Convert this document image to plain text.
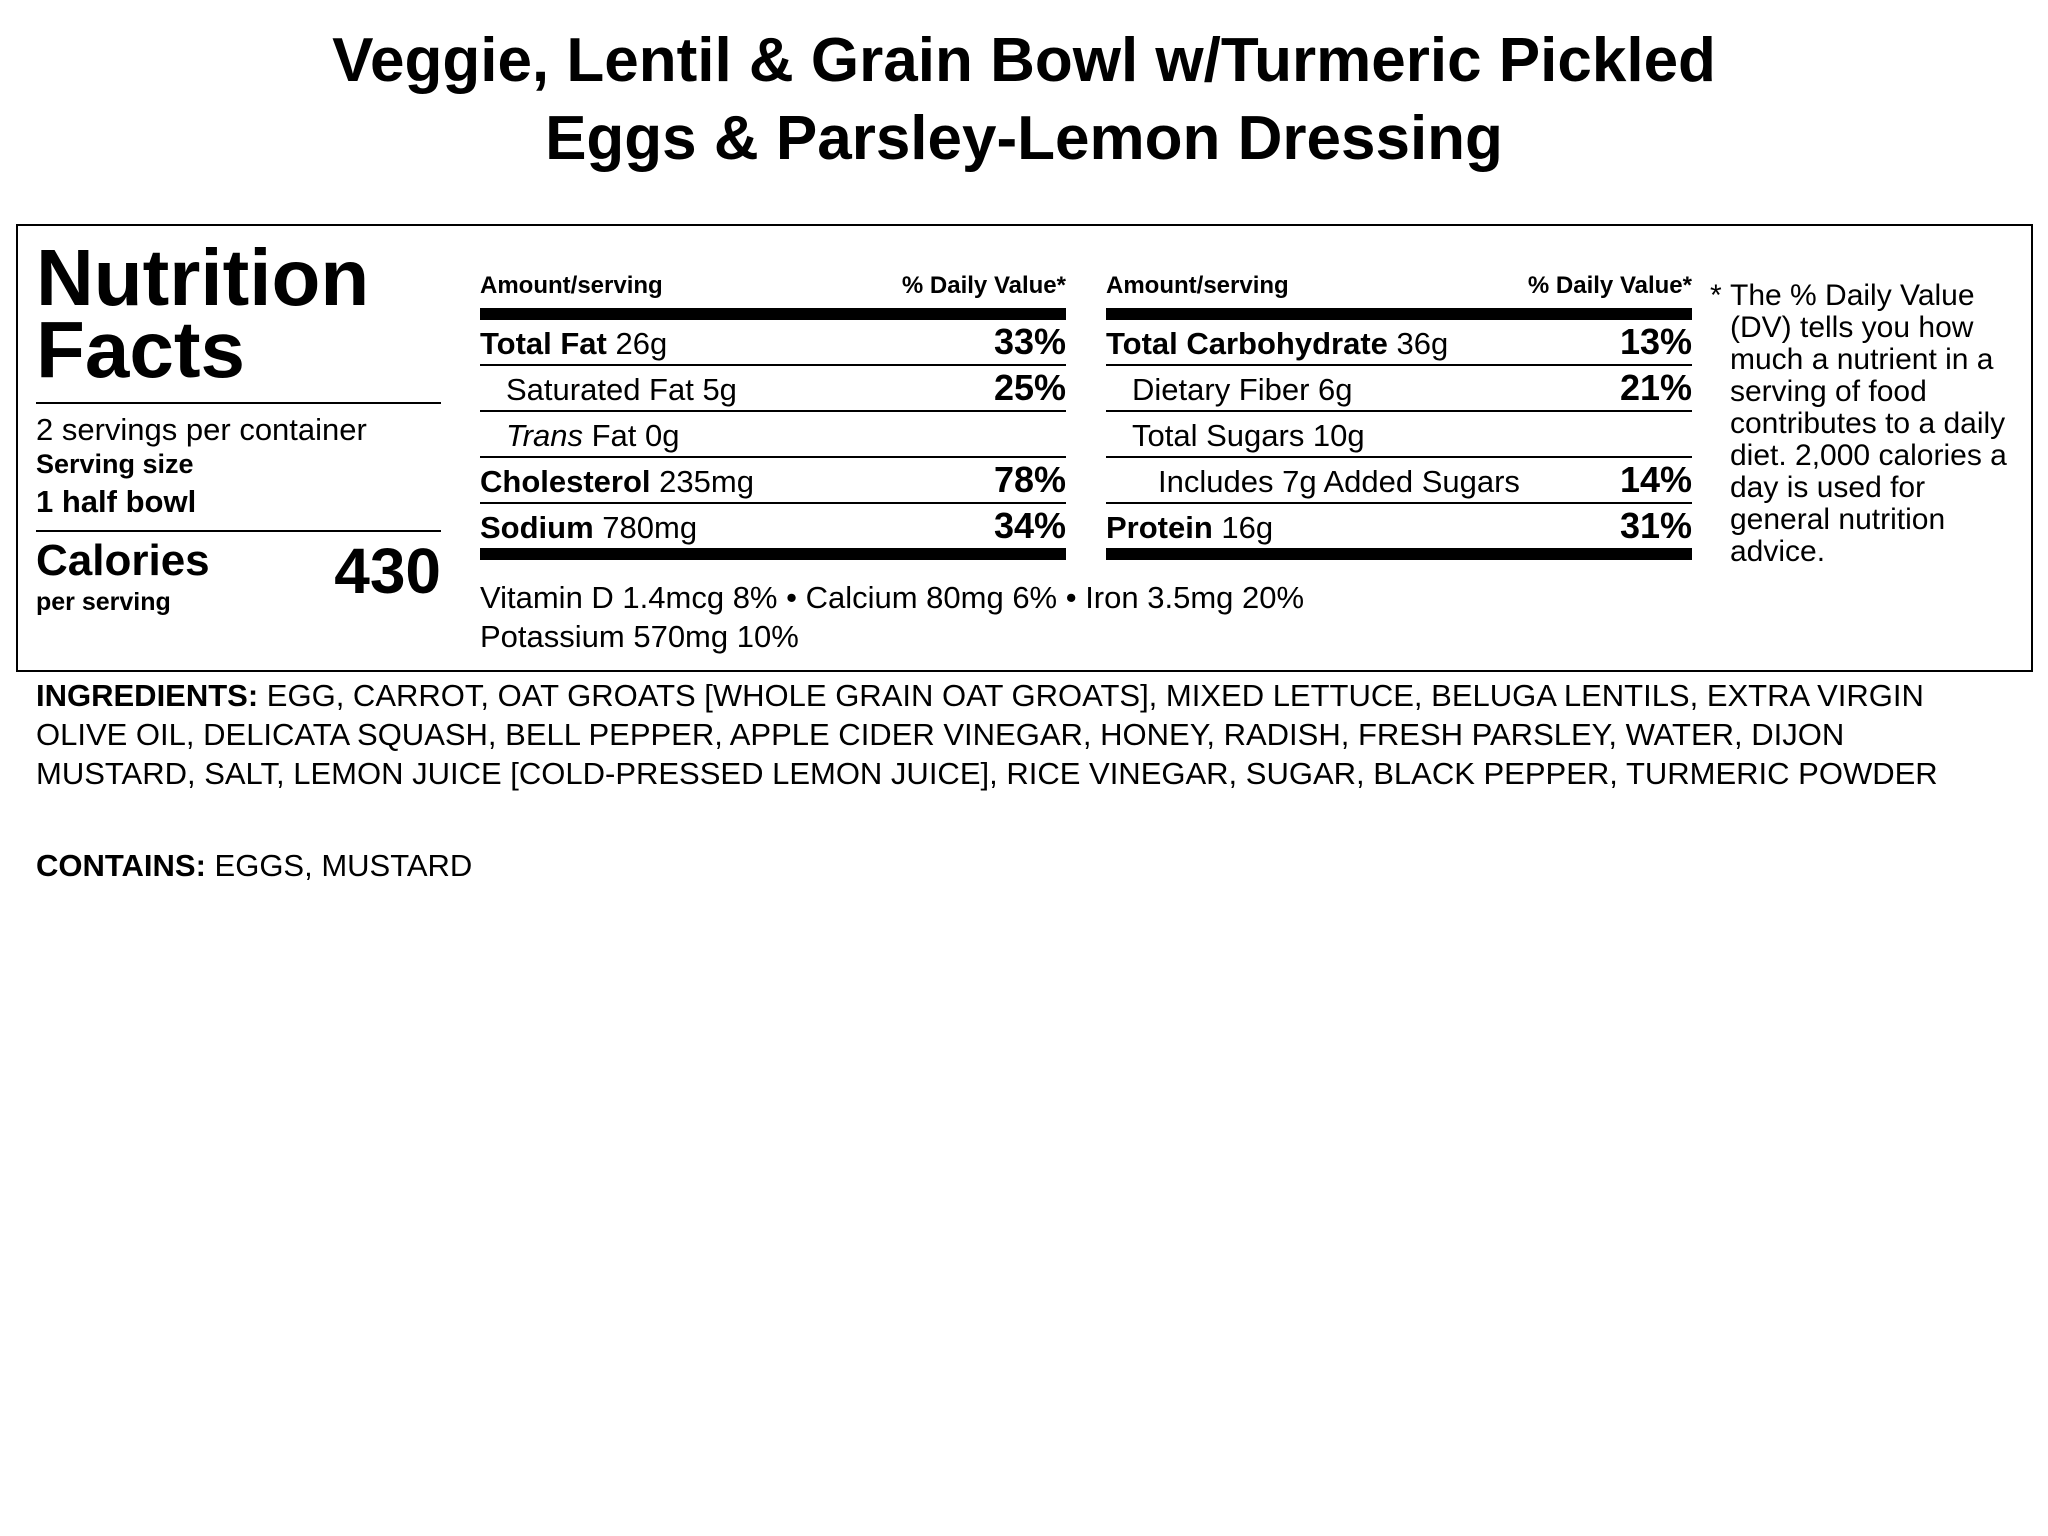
Veggie, Lentil & Grain Bowl w/Turmeric Pickled
Eggs & Parsley-Lemon Dressing
Nutrition
Facts
2 servings per container
Serving size
1 half bowl
Calories
per serving	430
Amount/serving	% Daily Value*
Total Fat 26g	33%
Saturated Fat 5g	25%
Trans Fat 0g
Cholesterol 235mg	78%
Sodium 780mg	34%
Amount/serving	% Daily Value*
Total Carbohydrate 36g	13%
Dietary Fiber 6g	21%
Total Sugars 10g
Includes 7g Added Sugars	14%
Protein 16g	31%
Vitamin D 1.4mcg 8% • Calcium 80mg 6% • Iron 3.5mg 20%
Potassium 570mg 10%
* The % Daily Value (DV) tells you how much a nutrient in a serving of food contributes to a daily diet. 2,000 calories a day is used for general nutrition advice.
INGREDIENTS: EGG, CARROT, OAT GROATS [WHOLE GRAIN OAT GROATS], MIXED LETTUCE, BELUGA LENTILS, EXTRA VIRGIN OLIVE OIL, DELICATA SQUASH, BELL PEPPER, APPLE CIDER VINEGAR, HONEY, RADISH, FRESH PARSLEY, WATER, DIJON MUSTARD, SALT, LEMON JUICE [COLD-PRESSED LEMON JUICE], RICE VINEGAR, SUGAR, BLACK PEPPER, TURMERIC POWDER
CONTAINS: EGGS, MUSTARD
